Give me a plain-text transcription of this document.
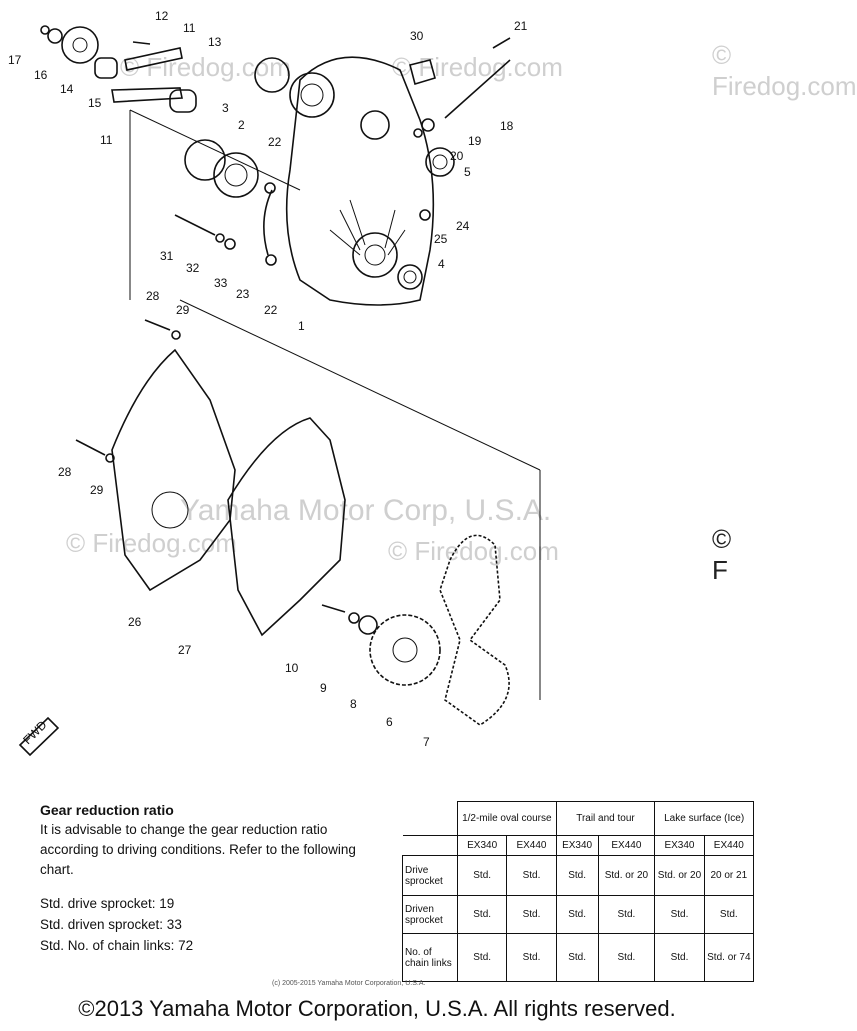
© Firedog.com	© Firedog.com	© Firedog.com
Yamaha Motor Corp, U.S.A.
© Firedog.com	© Firedog.com
FWD
17
16
14
15
12
11
13
11
3
2
22
30
21
18
19
20
5
24
25
4
31
32
33
23
22
1
28
29
28
29
26
27
10
9
8
6
7
© F
Gear reduction ratio
It is advisable to change the gear reduction ratio according to driving conditions. Refer to the following chart.
Std. drive sprocket: 19
Std. driven sprocket: 33
Std. No. of chain links: 72
	1/2-mile oval course		Trail and tour		Lake surface (Ice)	
	EX340	EX440	EX340	EX440	EX340	EX440
Drive sprocket	Std.	Std.	Std.	Std. or 20	Std. or 20	20 or 21
Driven sprocket	Std.	Std.	Std.	Std.	Std.	Std.
No. of chain links	Std.	Std.	Std.	Std.	Std.	Std. or 74
(c) 2005-2015 Yamaha Motor Corporation, U.S.A.
©2013 Yamaha Motor Corporation, U.S.A. All rights reserved.
